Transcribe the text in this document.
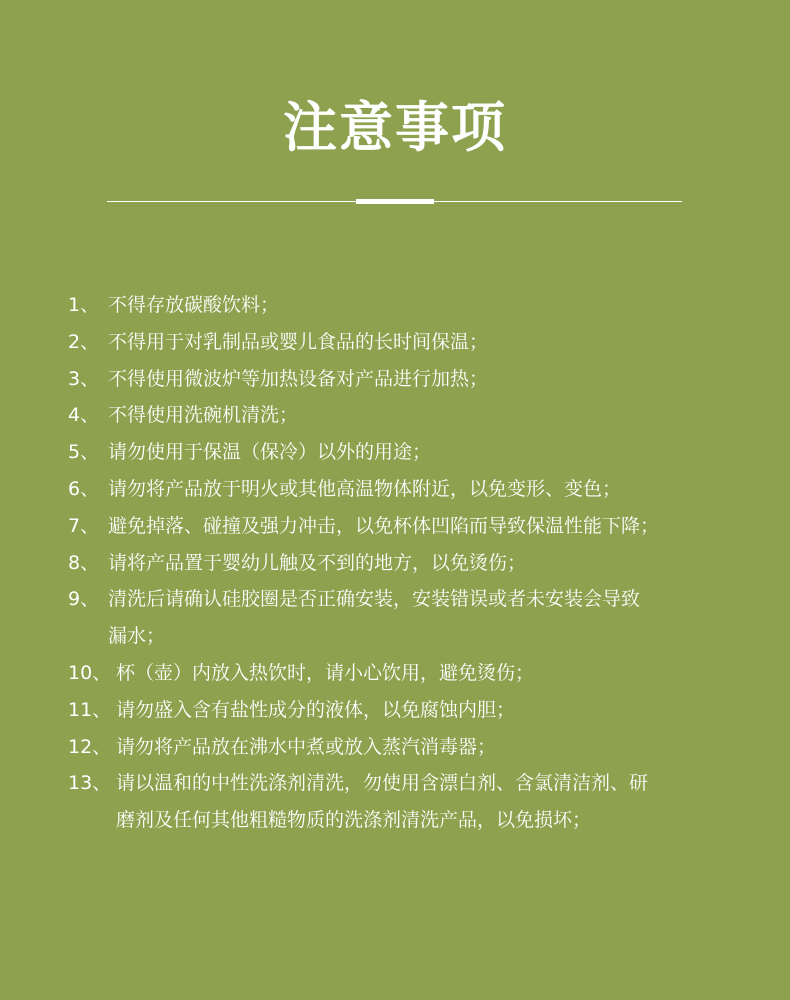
注意事项
1、 不得存放碳酸饮料；
2、 不得用于对乳制品或婴儿食品的长时间保温；
3、 不得使用微波炉等加热设备对产品进行加热；
4、 不得使用洗碗机清洗；
5、 请勿使用于保温（保冷）以外的用途；
6、 请勿将产品放于明火或其他高温物体附近，以免变形、变色；
7、 避免掉落、碰撞及强力冲击，以免杯体凹陷而导致保温性能下降；
8、 请将产品置于婴幼儿触及不到的地方，以免烫伤；
9、 清洗后请确认硅胶圈是否正确安装，安装错误或者未安装会导致
漏水；
10、 杯（壶）内放入热饮时，请小心饮用，避免烫伤；
11、 请勿盛入含有盐性成分的液体，以免腐蚀内胆；
12、 请勿将产品放在沸水中煮或放入蒸汽消毒器；
13、 请以温和的中性洗涤剂清洗，勿使用含漂白剂、含氯清洁剂、研
磨剂及任何其他粗糙物质的洗涤剂清洗产品，以免损坏；
